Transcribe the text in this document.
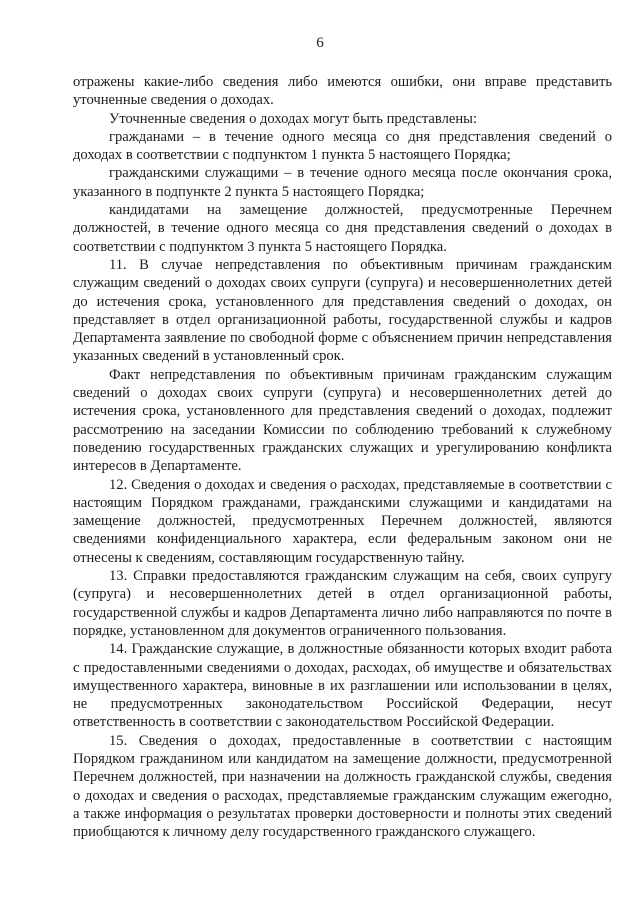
6

отражены какие-либо сведения либо имеются ошибки, они вправе представить уточненные сведения о доходах.

Уточненные сведения о доходах могут быть представлены:

гражданами – в течение одного месяца со дня представления сведений о доходах в соответствии с подпунктом 1 пункта 5 настоящего Порядка;

гражданскими служащими – в течение одного месяца после окончания срока, указанного в подпункте 2 пункта 5 настоящего Порядка;

кандидатами на замещение должностей, предусмотренные Перечнем должностей, в течение одного месяца со дня представления сведений о доходах в соответствии с подпунктом 3 пункта 5 настоящего Порядка.

11. В случае непредставления по объективным причинам гражданским служащим сведений о доходах своих супруги (супруга) и несовершеннолетних детей до истечения срока, установленного для представления сведений о доходах, он представляет в отдел организационной работы, государственной службы и кадров Департамента заявление по свободной форме с объяснением причин непредставления указанных сведений в установленный срок.

Факт непредставления по объективным причинам гражданским служащим сведений о доходах своих супруги (супруга) и несовершеннолетних детей до истечения срока, установленного для представления сведений о доходах, подлежит рассмотрению на заседании Комиссии по соблюдению требований к служебному поведению государственных гражданских служащих и урегулированию конфликта интересов в Департаменте.

12. Сведения о доходах и сведения о расходах, представляемые в соответствии с настоящим Порядком гражданами, гражданскими служащими и кандидатами на замещение должностей, предусмотренных Перечнем должностей, являются сведениями конфиденциального характера, если федеральным законом они не отнесены к сведениям, составляющим государственную тайну.

13. Справки предоставляются гражданским служащим на себя, своих супругу (супруга) и несовершеннолетних детей в отдел организационной работы, государственной службы и кадров Департамента лично либо направляются по почте в порядке, установленном для документов ограниченного пользования.

14. Гражданские служащие, в должностные обязанности которых входит работа с предоставленными сведениями о доходах, расходах, об имуществе и обязательствах имущественного характера, виновные в их разглашении или использовании в целях, не предусмотренных законодательством Российской Федерации, несут ответственность в соответствии с законодательством Российской Федерации.

15. Сведения о доходах, предоставленные в соответствии с настоящим Порядком гражданином или кандидатом на замещение должности, предусмотренной Перечнем должностей, при назначении на должность гражданской службы, сведения о доходах и сведения о расходах, представляемые гражданским служащим ежегодно, а также информация о результатах проверки достоверности и полноты этих сведений приобщаются к личному делу государственного гражданского служащего.
